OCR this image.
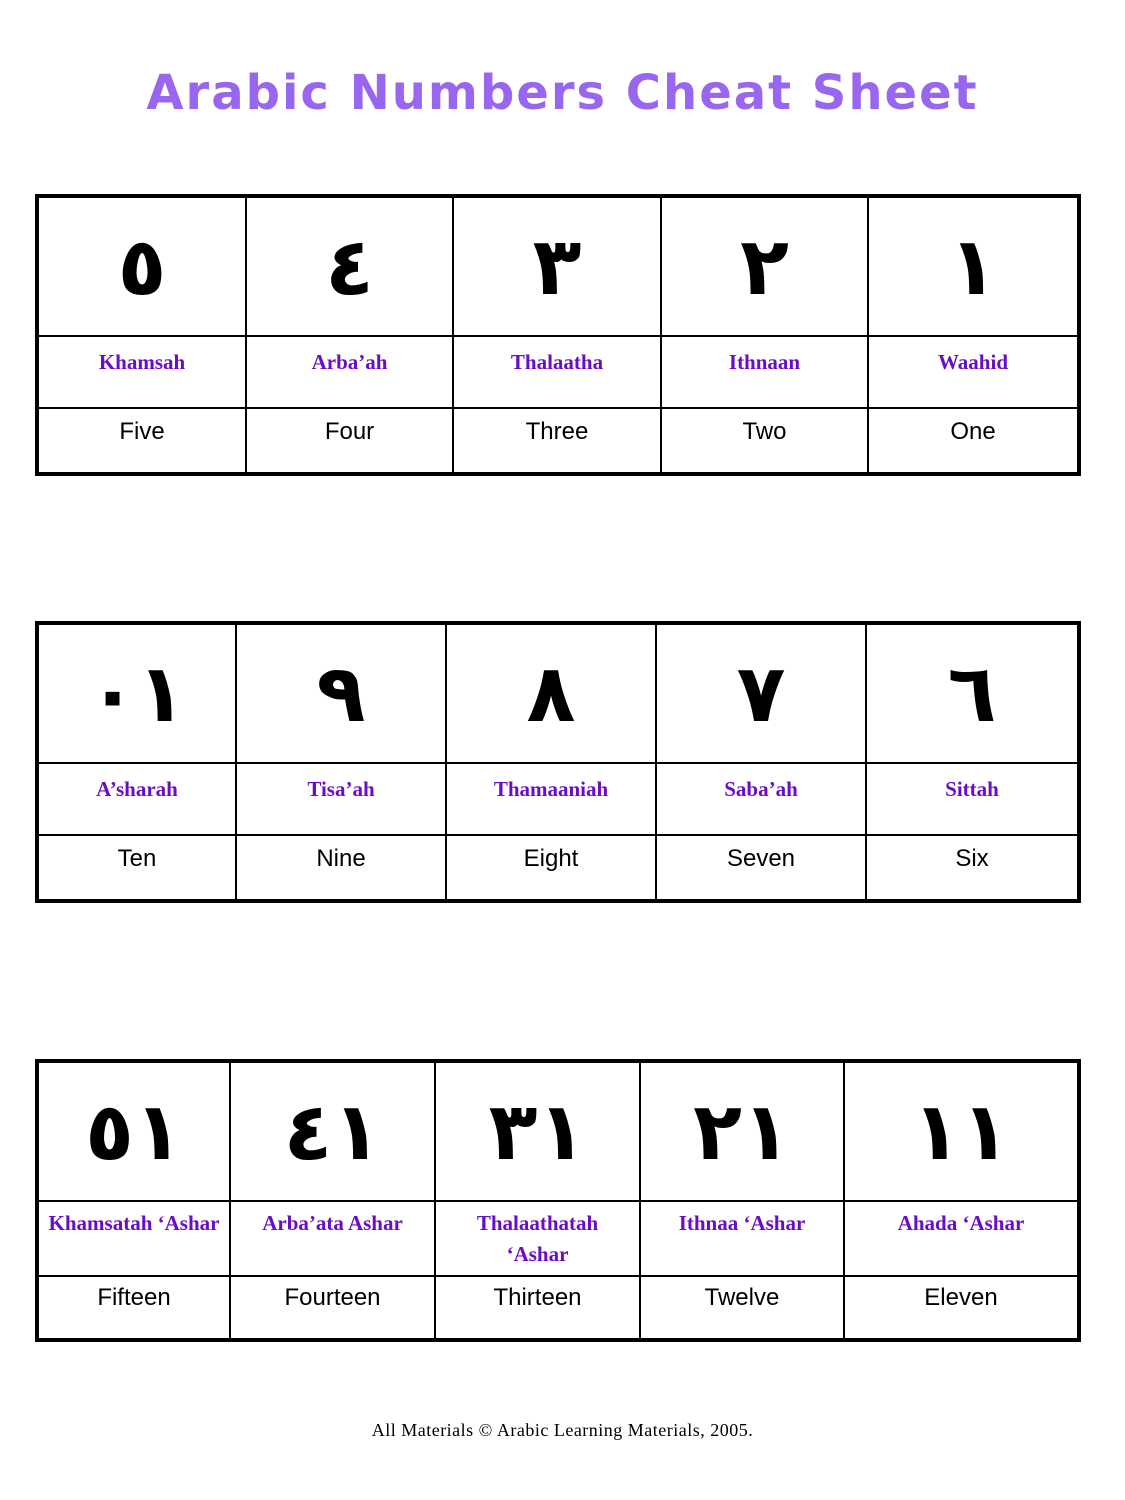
Arabic Numbers Cheat Sheet
٥	٤	٣	٢	١
Khamsah	Arba’ah	Thalaatha	Ithnaan	Waahid
Five	Four	Three	Two	One
١٠	٩	٨	٧	٦
A’sharah	Tisa’ah	Thamaaniah	Saba’ah	Sittah
Ten	Nine	Eight	Seven	Six
١٥	١٤	١٣	١٢	١١
Khamsatah ‘Ashar	Arba’ata Ashar	Thalaathatah ‘Ashar	Ithnaa ‘Ashar	Ahada ‘Ashar
Fifteen	Fourteen	Thirteen	Twelve	Eleven
All Materials © Arabic Learning Materials, 2005.
